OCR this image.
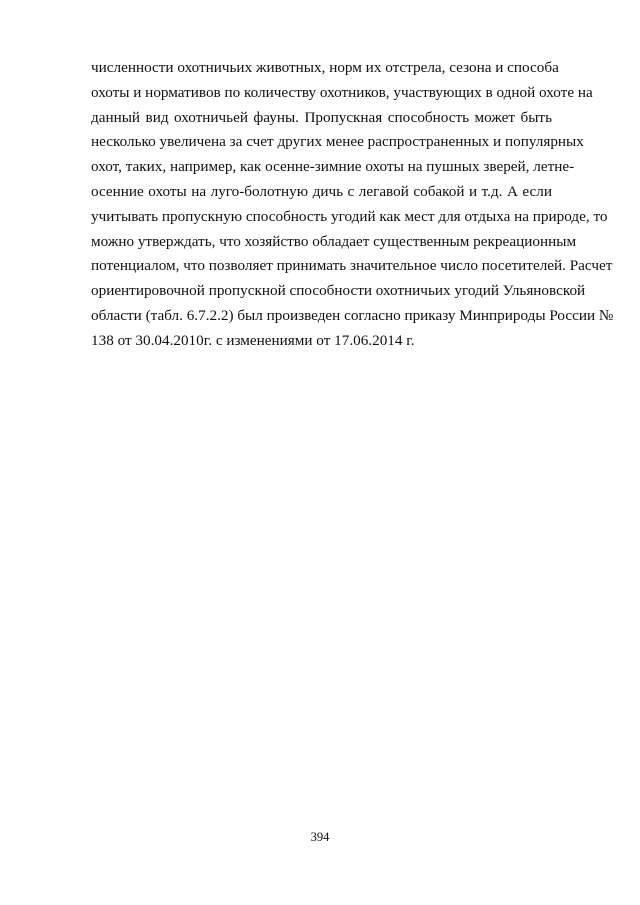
численности охотничьих животных, норм их отстрела, сезона и способа
охоты и нормативов по количеству охотников, участвующих в одной охоте на
данный вид охотничьей фауны. Пропускная способность может быть
несколько увеличена за счет других менее распространенных и популярных
охот, таких, например, как осенне-зимние охоты на пушных зверей, летне-
осенние охоты на луго-болотную дичь с легавой собакой и т.д. А если
учитывать пропускную способность угодий как мест для отдыха на природе, то
можно утверждать, что хозяйство обладает существенным рекреационным
потенциалом, что позволяет принимать значительное число посетителей. Расчет
ориентировочной пропускной способности охотничьих угодий Ульяновской
области (табл. 6.7.2.2) был произведен согласно приказу Минприроды России №
138 от 30.04.2010г. с изменениями от 17.06.2014 г.
394
